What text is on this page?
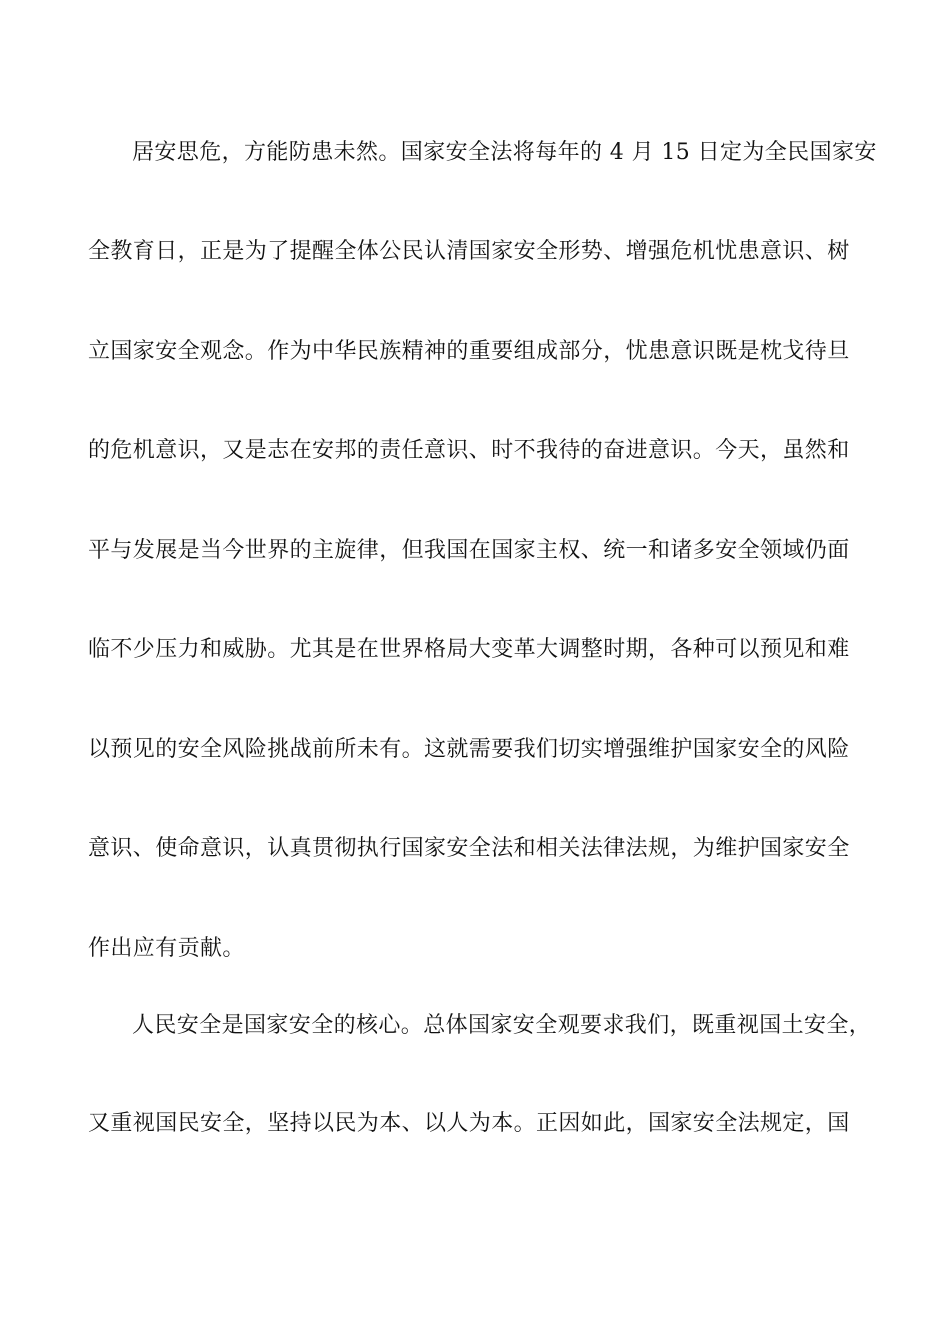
居安思危，方能防患未然。国家安全法将每年的 4 月 15 日定为全民国家安
全教育日，正是为了提醒全体公民认清国家安全形势、增强危机忧患意识、树
立国家安全观念。作为中华民族精神的重要组成部分，忧患意识既是枕戈待旦
的危机意识，又是志在安邦的责任意识、时不我待的奋进意识。今天，虽然和
平与发展是当今世界的主旋律，但我国在国家主权、统一和诸多安全领域仍面
临不少压力和威胁。尤其是在世界格局大变革大调整时期，各种可以预见和难
以预见的安全风险挑战前所未有。这就需要我们切实增强维护国家安全的风险
意识、使命意识，认真贯彻执行国家安全法和相关法律法规，为维护国家安全
作出应有贡献。
人民安全是国家安全的核心。总体国家安全观要求我们，既重视国土安全，
又重视国民安全，坚持以民为本、以人为本。正因如此，国家安全法规定，国
